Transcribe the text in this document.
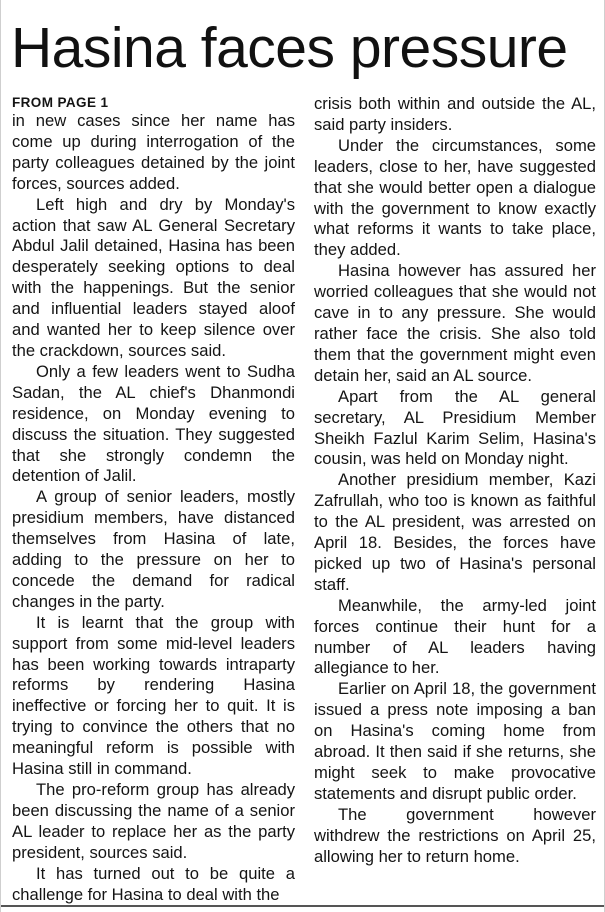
Hasina faces pressure
FROM PAGE 1

in new cases since her name has come up during interrogation of the party colleagues detained by the joint forces, sources added.

Left high and dry by Monday's action that saw AL General Secretary Abdul Jalil detained, Hasina has been desperately seeking options to deal with the happenings. But the senior and influential leaders stayed aloof and wanted her to keep silence over the crackdown, sources said.

Only a few leaders went to Sudha Sadan, the AL chief's Dhanmondi residence, on Monday evening to discuss the situation. They suggested that she strongly condemn the detention of Jalil.

A group of senior leaders, mostly presidium members, have distanced themselves from Hasina of late, adding to the pressure on her to concede the demand for radical changes in the party.

It is learnt that the group with support from some mid-level leaders has been working towards intraparty reforms by rendering Hasina ineffective or forcing her to quit. It is trying to convince the others that no meaningful reform is possible with Hasina still in command.

The pro-reform group has already been discussing the name of a senior AL leader to replace her as the party president, sources said.

It has turned out to be quite a challenge for Hasina to deal with the

crisis both within and outside the AL, said party insiders.

Under the circumstances, some leaders, close to her, have suggested that she would better open a dialogue with the government to know exactly what reforms it wants to take place, they added.

Hasina however has assured her worried colleagues that she would not cave in to any pressure. She would rather face the crisis. She also told them that the government might even detain her, said an AL source.

Apart from the AL general secretary, AL Presidium Member Sheikh Fazlul Karim Selim, Hasina's cousin, was held on Monday night.

Another presidium member, Kazi Zafrullah, who too is known as faithful to the AL president, was arrested on April 18. Besides, the forces have picked up two of Hasina's personal staff.

Meanwhile, the army-led joint forces continue their hunt for a number of AL leaders having allegiance to her.

Earlier on April 18, the government issued a press note imposing a ban on Hasina's coming home from abroad. It then said if she returns, she might seek to make provocative statements and disrupt public order.

The government however withdrew the restrictions on April 25, allowing her to return home.
